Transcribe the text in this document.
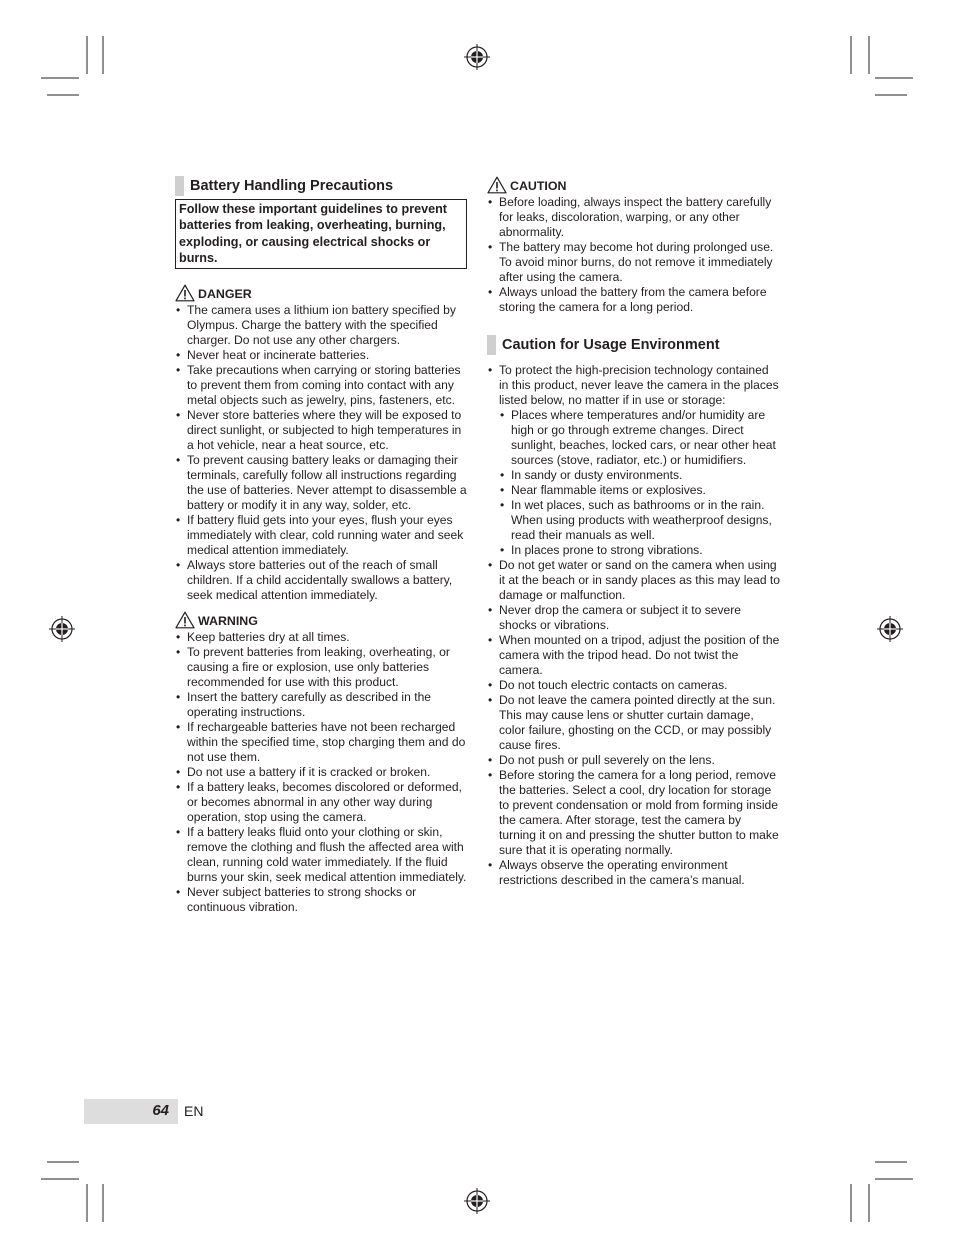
Battery Handling Precautions
Follow these important guidelines to prevent batteries from leaking, overheating, burning, exploding, or causing electrical shocks or burns.
DANGER
• The camera uses a lithium ion battery specified by Olympus. Charge the battery with the specified charger. Do not use any other chargers.
• Never heat or incinerate batteries.
• Take precautions when carrying or storing batteries to prevent them from coming into contact with any metal objects such as jewelry, pins, fasteners, etc.
• Never store batteries where they will be exposed to direct sunlight, or subjected to high temperatures in a hot vehicle, near a heat source, etc.
• To prevent causing battery leaks or damaging their terminals, carefully follow all instructions regarding the use of batteries. Never attempt to disassemble a battery or modify it in any way, solder, etc.
• If battery fluid gets into your eyes, flush your eyes immediately with clear, cold running water and seek medical attention immediately.
• Always store batteries out of the reach of small children. If a child accidentally swallows a battery, seek medical attention immediately.
WARNING
• Keep batteries dry at all times.
• To prevent batteries from leaking, overheating, or causing a fire or explosion, use only batteries recommended for use with this product.
• Insert the battery carefully as described in the operating instructions.
• If rechargeable batteries have not been recharged within the specified time, stop charging them and do not use them.
• Do not use a battery if it is cracked or broken.
• If a battery leaks, becomes discolored or deformed, or becomes abnormal in any other way during operation, stop using the camera.
• If a battery leaks fluid onto your clothing or skin, remove the clothing and flush the affected area with clean, running cold water immediately. If the fluid burns your skin, seek medical attention immediately.
• Never subject batteries to strong shocks or continuous vibration.
CAUTION
• Before loading, always inspect the battery carefully for leaks, discoloration, warping, or any other abnormality.
• The battery may become hot during prolonged use. To avoid minor burns, do not remove it immediately after using the camera.
• Always unload the battery from the camera before storing the camera for a long period.
Caution for Usage Environment
• To protect the high-precision technology contained in this product, never leave the camera in the places listed below, no matter if in use or storage:
• Places where temperatures and/or humidity are high or go through extreme changes. Direct sunlight, beaches, locked cars, or near other heat sources (stove, radiator, etc.) or humidifiers.
• In sandy or dusty environments.
• Near flammable items or explosives.
• In wet places, such as bathrooms or in the rain. When using products with weatherproof designs, read their manuals as well.
• In places prone to strong vibrations.
• Do not get water or sand on the camera when using it at the beach or in sandy places as this may lead to damage or malfunction.
• Never drop the camera or subject it to severe shocks or vibrations.
• When mounted on a tripod, adjust the position of the camera with the tripod head. Do not twist the camera.
• Do not touch electric contacts on cameras.
• Do not leave the camera pointed directly at the sun. This may cause lens or shutter curtain damage, color failure, ghosting on the CCD, or may possibly cause fires.
• Do not push or pull severely on the lens.
• Before storing the camera for a long period, remove the batteries. Select a cool, dry location for storage to prevent condensation or mold from forming inside the camera. After storage, test the camera by turning it on and pressing the shutter button to make sure that it is operating normally.
• Always observe the operating environment restrictions described in the camera’s manual.
64 EN
